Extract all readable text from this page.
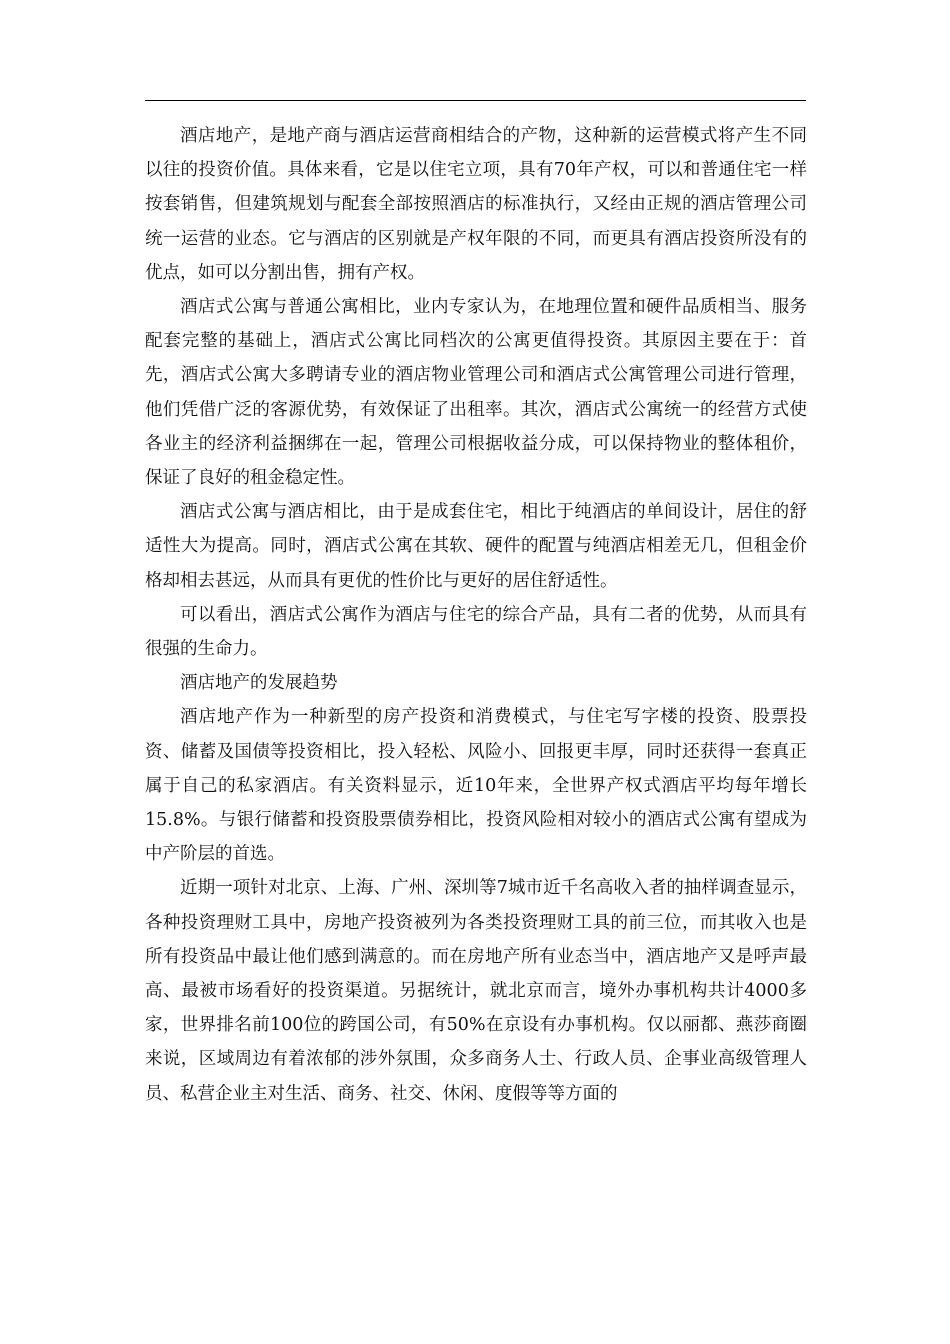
酒店地产，是地产商与酒店运营商相结合的产物，这种新的运营模式将产生不同以往的投资价值。具体来看，它是以住宅立项，具有70年产权，可以和普通住宅一样按套销售，但建筑规划与配套全部按照酒店的标准执行，又经由正规的酒店管理公司统一运营的业态。它与酒店的区别就是产权年限的不同，而更具有酒店投资所没有的优点，如可以分割出售，拥有产权。

酒店式公寓与普通公寓相比，业内专家认为，在地理位置和硬件品质相当、服务配套完整的基础上，酒店式公寓比同档次的公寓更值得投资。其原因主要在于：首先，酒店式公寓大多聘请专业的酒店物业管理公司和酒店式公寓管理公司进行管理，他们凭借广泛的客源优势，有效保证了出租率。其次，酒店式公寓统一的经营方式使各业主的经济利益捆绑在一起，管理公司根据收益分成，可以保持物业的整体租价，保证了良好的租金稳定性。

酒店式公寓与酒店相比，由于是成套住宅，相比于纯酒店的单间设计，居住的舒适性大为提高。同时，酒店式公寓在其软、硬件的配置与纯酒店相差无几，但租金价格却相去甚远，从而具有更优的性价比与更好的居住舒适性。

可以看出，酒店式公寓作为酒店与住宅的综合产品，具有二者的优势，从而具有很强的生命力。

酒店地产的发展趋势

酒店地产作为一种新型的房产投资和消费模式，与住宅写字楼的投资、股票投资、储蓄及国债等投资相比，投入轻松、风险小、回报更丰厚，同时还获得一套真正属于自己的私家酒店。有关资料显示，近10年来，全世界产权式酒店平均每年增长15.8%。与银行储蓄和投资股票债券相比，投资风险相对较小的酒店式公寓有望成为中产阶层的首选。

近期一项针对北京、上海、广州、深圳等7城市近千名高收入者的抽样调查显示，各种投资理财工具中，房地产投资被列为各类投资理财工具的前三位，而其收入也是所有投资品中最让他们感到满意的。而在房地产所有业态当中，酒店地产又是呼声最高、最被市场看好的投资渠道。另据统计，就北京而言，境外办事机构共计4000多家，世界排名前100位的跨国公司，有50%在京设有办事机构。仅以丽都、燕莎商圈来说，区域周边有着浓郁的涉外氛围，众多商务人士、行政人员、企事业高级管理人员、私营企业主对生活、商务、社交、休闲、度假等等方面的
